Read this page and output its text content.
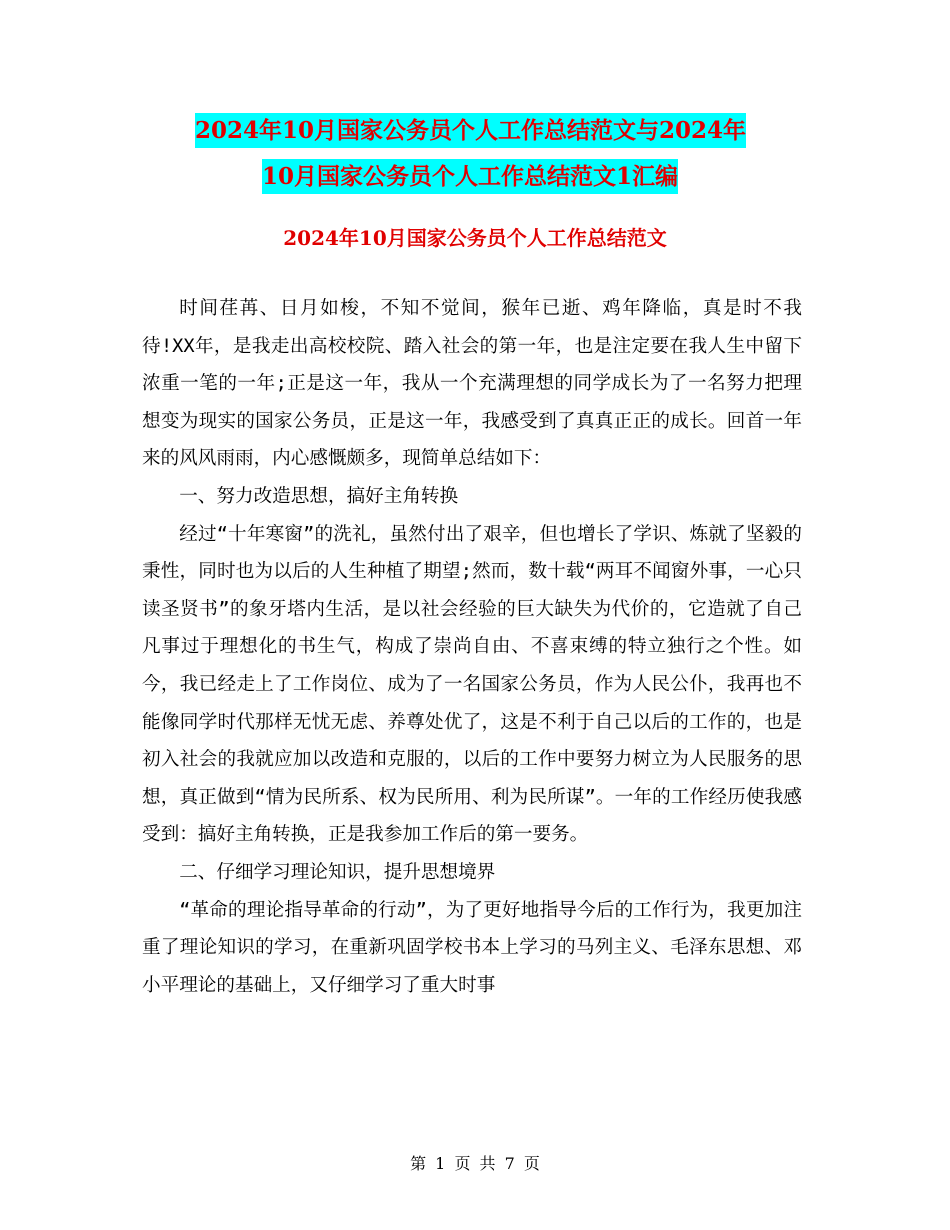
2024年10月国家公务员个人工作总结范文与2024年
10月国家公务员个人工作总结范文1汇编
2024年10月国家公务员个人工作总结范文

时间荏苒、日月如梭，不知不觉间，猴年已逝、鸡年降临，真是时不我待!XX年，是我走出高校校院、踏入社会的第一年，也是注定要在我人生中留下浓重一笔的一年;正是这一年，我从一个充满理想的同学成长为了一名努力把理想变为现实的国家公务员，正是这一年，我感受到了真真正正的成长。回首一年来的风风雨雨，内心感慨颇多，现简单总结如下：

一、努力改造思想，搞好主角转换

经过“十年寒窗”的洗礼，虽然付出了艰辛，但也增长了学识、炼就了坚毅的秉性，同时也为以后的人生种植了期望;然而，数十载“两耳不闻窗外事，一心只读圣贤书”的象牙塔内生活，是以社会经验的巨大缺失为代价的，它造就了自己凡事过于理想化的书生气，构成了崇尚自由、不喜束缚的特立独行之个性。如今，我已经走上了工作岗位、成为了一名国家公务员，作为人民公仆，我再也不能像同学时代那样无忧无虑、养尊处优了，这是不利于自己以后的工作的，也是初入社会的我就应加以改造和克服的，以后的工作中要努力树立为人民服务的思想，真正做到“情为民所系、权为民所用、利为民所谋”。一年的工作经历使我感受到：搞好主角转换，正是我参加工作后的第一要务。

二、仔细学习理论知识，提升思想境界

“革命的理论指导革命的行动”，为了更好地指导今后的工作行为，我更加注重了理论知识的学习，在重新巩固学校书本上学习的马列主义、毛泽东思想、邓小平理论的基础上，又仔细学习了重大时事

第 1 页 共 7 页
